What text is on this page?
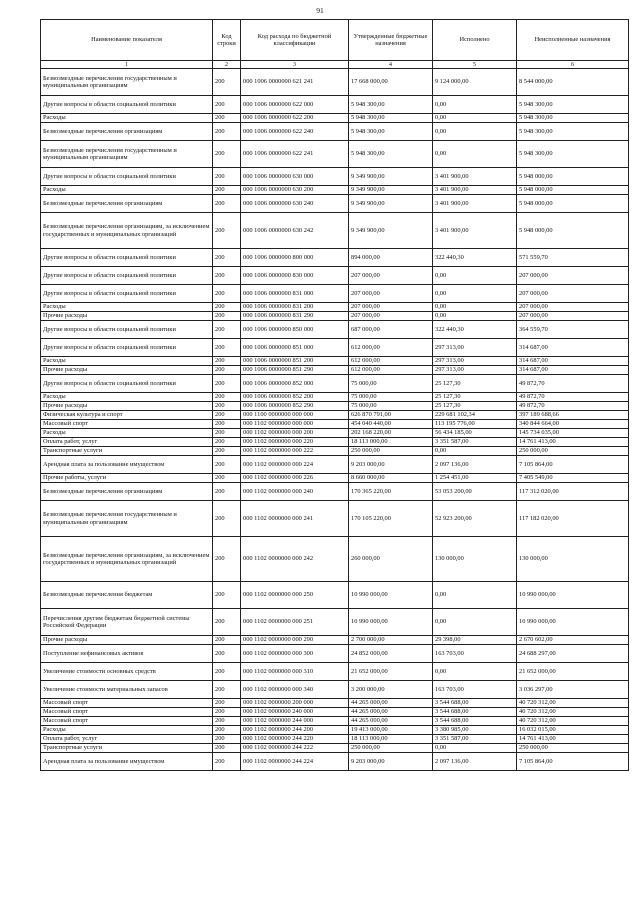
91
Наименование показателя	Код строки	Код расхода по бюджетной классификации	Утвержденные бюджетные назначения	Исполнено	Неисполненные назначения
1	2	3	4	5	6
Безвозмездные перечисления государственным и муниципальным организациям	200	000 1006 0000000 621 241	17 668 000,00	9 124 000,00	8 544 000,00
Другие вопросы в области социальной политики	200	000 1006 0000000 622 000	5 948 300,00	0,00	5 948 300,00
Расходы	200	000 1006 0000000 622 200	5 948 300,00	0,00	5 948 300,00
Безвозмездные перечисления организациям	200	000 1006 0000000 622 240	5 948 300,00	0,00	5 948 300,00
Безвозмездные перечисления государственным и муниципальным организациям	200	000 1006 0000000 622 241	5 948 300,00	0,00	5 948 300,00
Другие вопросы в области социальной политики	200	000 1006 0000000 630 000	9 349 900,00	3 401 900,00	5 948 000,00
Расходы	200	000 1006 0000000 630 200	9 349 900,00	3 401 900,00	5 948 000,00
Безвозмездные перечисления организациям	200	000 1006 0000000 630 240	9 349 900,00	3 401 900,00	5 948 000,00
Безвозмездные перечисления организациям, за исключением государственных и муниципальных организаций	200	000 1006 0000000 630 242	9 349 900,00	3 401 900,00	5 948 000,00
Другие вопросы в области социальной политики	200	000 1006 0000000 800 000	894 000,00	322 440,30	571 559,70
Другие вопросы в области социальной политики	200	000 1006 0000000 830 000	207 000,00	0,00	207 000,00
Другие вопросы в области социальной политики	200	000 1006 0000000 831 000	207 000,00	0,00	207 000,00
Расходы	200	000 1006 0000000 831 200	207 000,00	0,00	207 000,00
Прочие расходы	200	000 1006 0000000 831 290	207 000,00	0,00	207 000,00
Другие вопросы в области социальной политики	200	000 1006 0000000 850 000	687 000,00	322 440,30	364 559,70
Другие вопросы в области социальной политики	200	000 1006 0000000 851 000	612 000,00	297 313,00	314 687,00
Расходы	200	000 1006 0000000 851 200	612 000,00	297 313,00	314 687,00
Прочие расходы	200	000 1006 0000000 851 290	612 000,00	297 313,00	314 687,00
Другие вопросы в области социальной политики	200	000 1006 0000000 852 000	75 000,00	25 127,30	49 872,70
Расходы	200	000 1006 0000000 852 200	75 000,00	25 127,30	49 872,70
Прочие расходы	200	000 1006 0000000 852 290	75 000,00	25 127,30	49 872,70
Физическая культура и спорт	200	000 1100 0000000 000 000	626 870 791,00	229 681 102,34	397 189 688,66
Массовый спорт	200	000 1102 0000000 000 000	454 040 440,00	113 195 776,00	340 844 664,00
Расходы	200	000 1102 0000000 000 200	202 168 220,00	56 434 185,00	145 734 035,00
Оплата работ, услуг	200	000 1102 0000000 000 220	18 113 000,00	3 351 587,00	14 761 413,00
Транспортные услуги	200	000 1102 0000000 000 222	250 000,00	0,00	250 000,00
Арендная плата за пользование имуществом	200	000 1102 0000000 000 224	9 203 000,00	2 097 136,00	7 105 864,00
Прочие работы, услуги	200	000 1102 0000000 000 226	8 660 000,00	1 254 451,00	7 405 549,00
Безвозмездные перечисления организациям	200	000 1102 0000000 000 240	170 365 220,00	53 053 200,00	117 312 020,00
Безвозмездные перечисления государственным и муниципальным организациям	200	000 1102 0000000 000 241	170 105 220,00	52 923 200,00	117 182 020,00
Безвозмездные перечисления организациям, за исключением государственных и муниципальных организаций	200	000 1102 0000000 000 242	260 000,00	130 000,00	130 000,00
Безвозмездные перечисления бюджетам	200	000 1102 0000000 000 250	10 990 000,00	0,00	10 990 000,00
Перечисления другим бюджетам бюджетной системы Российской Федерации	200	000 1102 0000000 000 251	10 990 000,00	0,00	10 990 000,00
Прочие расходы	200	000 1102 0000000 000 290	2 700 000,00	29 398,00	2 670 602,00
Поступление нефинансовых активов	200	000 1102 0000000 000 300	24 852 000,00	163 703,00	24 688 297,00
Увеличение стоимости основных средств	200	000 1102 0000000 000 310	21 652 000,00	0,00	21 652 000,00
Увеличение стоимости материальных запасов	200	000 1102 0000000 000 340	3 200 000,00	163 703,00	3 036 297,00
Массовый спорт	200	000 1102 0000000 200 000	44 265 000,00	3 544 688,00	40 720 312,00
Массовый спорт	200	000 1102 0000000 240 000	44 265 000,00	3 544 688,00	40 720 312,00
Массовый спорт	200	000 1102 0000000 244 000	44 265 000,00	3 544 688,00	40 720 312,00
Расходы	200	000 1102 0000000 244 200	19 413 000,00	3 380 985,00	16 032 015,00
Оплата работ, услуг	200	000 1102 0000000 244 220	18 113 000,00	3 351 587,00	14 761 413,00
Транспортные услуги	200	000 1102 0000000 244 222	250 000,00	0,00	250 000,00
Арендная плата за пользование имуществом	200	000 1102 0000000 244 224	9 203 000,00	2 097 136,00	7 105 864,00
